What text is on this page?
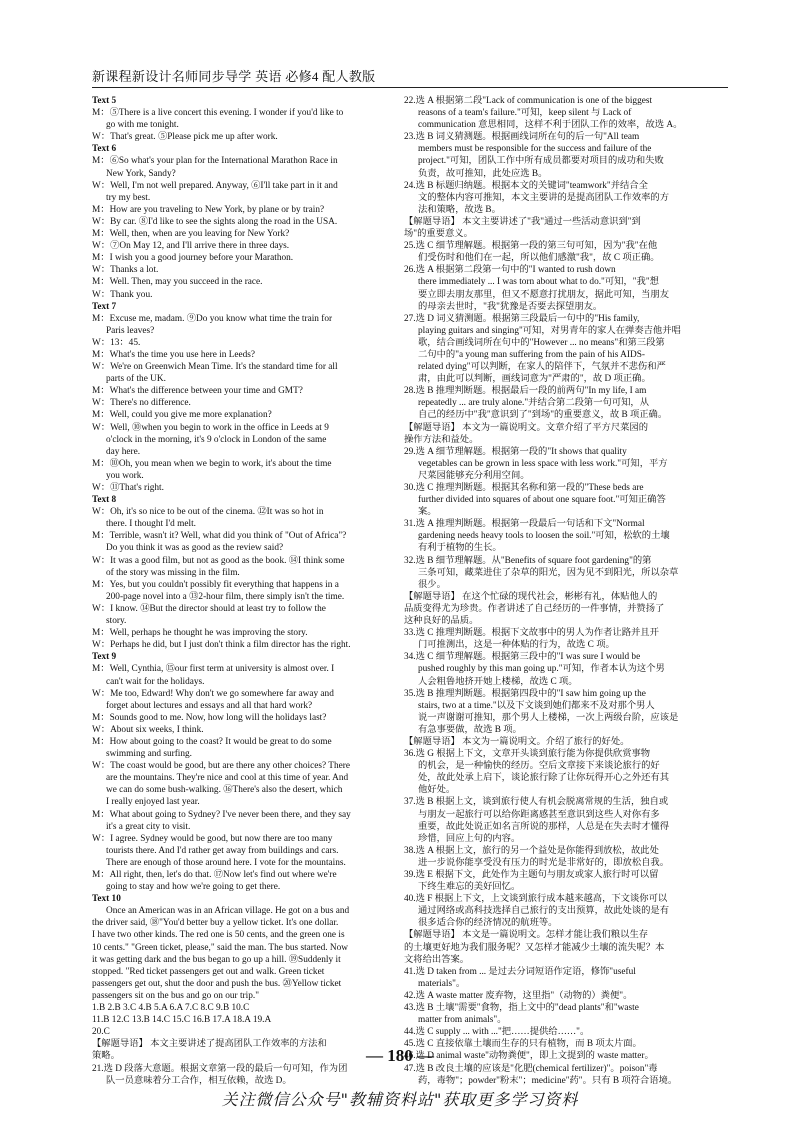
新课程新设计名师同步导学 英语 必修4 配人教版
Text 5
M：⑤There is a live concert this evening. I wonder if you'd like to
go with me tonight.
W：That's great. ⑤Please pick me up after work.
Text 6
M：⑥So what's your plan for the International Marathon Race in
New York, Sandy?
W：Well, I'm not well prepared. Anyway, ⑥I'll take part in it and
try my best.
M：How are you traveling to New York, by plane or by train?
W：By car. ⑧I'd like to see the sights along the road in the USA.
M：Well, then, when are you leaving for New York?
W：⑦On May 12, and I'll arrive there in three days.
M：I wish you a good journey before your Marathon.
W：Thanks a lot.
M：Well. Then, may you succeed in the race.
W：Thank you.
Text 7
M：Excuse me, madam. ⑨Do you know what time the train for
Paris leaves?
W：13：45.
M：What's the time you use here in Leeds?
W：We're on Greenwich Mean Time. It's the standard time for all
parts of the UK.
M：What's the difference between your time and GMT?
W：There's no difference.
M：Well, could you give me more explanation?
W：Well, ⑩when you begin to work in the office in Leeds at 9
o'clock in the morning, it's 9 o'clock in London of the same
day here.
M：⑩Oh, you mean when we begin to work, it's about the time
you work.
W：⑪That's right.
Text 8
W：Oh, it's so nice to be out of the cinema. ⑫It was so hot in
there. I thought I'd melt.
M：Terrible, wasn't it? Well, what did you think of "Out of Africa"?
Do you think it was as good as the review said?
W：It was a good film, but not as good as the book. ⑭I think some
of the story was missing in the film.
M：Yes, but you couldn't possibly fit everything that happens in a
200-page novel into a ⑬2-hour film, there simply isn't the time.
W：I know. ⑭But the director should at least try to follow the
story.
M：Well, perhaps he thought he was improving the story.
W：Perhaps he did, but I just don't think a film director has the right.
Text 9
M：Well, Cynthia, ⑮our first term at university is almost over. I
can't wait for the holidays.
W：Me too, Edward! Why don't we go somewhere far away and
forget about lectures and essays and all that hard work?
M：Sounds good to me. Now, how long will the holidays last?
W：About six weeks, I think.
M：How about going to the coast? It would be great to do some
swimming and surfing.
W：The coast would be good, but are there any other choices? There
are the mountains. They're nice and cool at this time of year. And
we can do some bush-walking. ⑯There's also the desert, which
I really enjoyed last year.
M：What about going to Sydney? I've never been there, and they say
it's a great city to visit.
W：I agree. Sydney would be good, but now there are too many
tourists there. And I'd rather get away from buildings and cars.
There are enough of those around here. I vote for the mountains.
M：All right, then, let's do that. ⑰Now let's find out where we're
going to stay and how we're going to get there.
Text 10
Once an American was in an African village. He got on a bus and
the driver said, ⑱"You'd better buy a yellow ticket. It's one dollar.
I have two other kinds. The red one is 50 cents, and the green one is
10 cents." "Green ticket, please," said the man. The bus started. Now
it was getting dark and the bus began to go up a hill. ⑲Suddenly it
stopped. "Red ticket passengers get out and walk. Green ticket
passengers get out, shut the door and push the bus. ⑳Yellow ticket
passengers sit on the bus and go on our trip."
1.B 2.B 3.C 4.B 5.A 6.A 7.C 8.C 9.B 10.C
11.B 12.C 13.B 14.C 15.C 16.B 17.A 18.A 19.A
20.C
【解题导语】 本文主要讲述了提高团队工作效率的方法和
策略。
21.选 D 段落大意题。根据文章第一段的最后一句可知，作为团
队一员意味着分工合作，相互依赖，故选 D。
22.选 A 根据第二段"Lack of communication is one of the biggest
reasons of a team's failure."可知，keep silent 与 Lack of
communication 意思相同，这样不利于团队工作的效率，故选 A。
23.选 B 词义猜测题。根据画线词所在句的后一句"All team
members must be responsible for the success and failure of the
project."可知，团队工作中所有成员都要对项目的成功和失败
负责，故可推知，此处应选 B。
24.选 B 标题归纳题。根据本文的关键词"teamwork"并结合全
文的整体内容可推知，本文主要讲的是提高团队工作效率的方
法和策略，故选 B。
【解题导语】 本文主要讲述了"我"通过一些活动意识到"到
场"的重要意义。
25.选 C 细节理解题。根据第一段的第三句可知，因为"我"在他
们受伤时和他们在一起，所以他们感激"我"，故 C 项正确。
26.选 A 根据第二段第一句中的"I wanted to rush down
there immediately ... I was torn about what to do."可知，"我"想
要立即去朋友那里，但又不愿意打扰朋友，据此可知，当朋友
的母亲去世时，"我"犹豫是否要去探望朋友。
27.选 D 词义猜测题。根据第三段最后一句中的"His family,
playing guitars and singing"可知，对男青年的家人在弹奏吉他并唱
歌，结合画线词所在句中的"However ... no means"和第三段第
二句中的"a young man suffering from the pain of his AIDS-
related dying"可以判断，在家人的陪伴下，气氛并不悲伤和严
肃，由此可以判断，画线词意为"严肃的"，故 D 项正确。
28.选 B 推理判断题。根据最后一段的前两句"In my life, I am
repeatedly ... are truly alone."并结合第二段第一句可知，从
自己的经历中"我"意识到了"到场"的重要意义，故 B 项正确。
【解题导语】 本文为一篇说明文。文章介绍了平方尺菜园的
操作方法和益处。
29.选 A 细节理解题。根据第一段的"It shows that quality
vegetables can be grown in less space with less work."可知，平方
尺菜园能够充分利用空间。
30.选 C 推理判断题。根据其名称和第一段的"These beds are
further divided into squares of about one square foot."可知正确答
案。
31.选 A 推理判断题。根据第一段最后一句话和下文"Normal
gardening needs heavy tools to loosen the soil."可知，松软的土壤
有利于植物的生长。
32.选 B 细节理解题。从"Benefits of square foot gardening"的第
三条可知，藏菜进住了杂草的阳光，因为见不到阳光，所以杂草
很少。
【解题导语】 在这个忙碌的现代社会，彬彬有礼，体贴他人的
品质变得尤为珍贵。作者讲述了自己经历的一件事情，并赞扬了
这种良好的品质。
33.选 C 推理判断题。根据下文故事中的男人为作者让路并且开
门可推测出，这是一种体贴的行为，故选 C 项。
34.选 C 细节理解题。根据第三段中的"I was sure I would be
pushed roughly by this man going up."可知，作者本认为这个男
人会粗鲁地挤开她上楼梯，故选 C 项。
35.选 B 推理判断题。根据第四段中的"I saw him going up the
stairs, two at a time."以及下文谈到她们都来不及对那个男人
说一声谢谢可推知，那个男人上楼梯，一次上两级台阶，应该是
有急事要做，故选 B 项。
【解题导语】 本文为一篇说明文。介绍了旅行的好处。
36.选 G 根据上下文，文章开头谈到旅行能为你提供欣赏事物
的机会，是一种愉快的经历。空后文章接下来谈论旅行的好
处，故此处承上启下，谈论旅行除了让你玩得开心之外还有其
他好处。
37.选 B 根据上文，谈到旅行使人有机会脱离常规的生活，独自或
与朋友一起旅行可以给你距离感甚至意识到这些人对你有多
重要，故此处说正如名言所说的那样，人总是在失去时才懂得
珍惜，回应上句的内容。
38.选 A 根据上文，旅行的另一个益处是你能得到放松，故此处
进一步说你能享受没有压力的时光是非常好的，即放松自我。
39.选 E 根据下文，此处作为主题句与朋友或家人旅行时可以留
下终生难忘的美好回忆。
40.选 F 根据上下文，上文谈到旅行成本越来越高，下文谈你可以
通过网络或高科技选择自己旅行的支出预算，故此处谈的是有
很多适合你的经济情况的航班等。
【解题导语】 本文是一篇说明文。怎样才能让我们粮以生存
的土壤更好地为我们服务呢？又怎样才能减少土壤的流失呢？本
文将给出答案。
41.选 D taken from ... 是过去分词短语作定语，修饰"useful
materials"。
42.选 A waste matter 废弃物，这里指"（动物的）粪便"。
43.选 B 土壤"需要"食物，指上文中的"dead plants"和"waste
matter from animals"。
44.选 C supply ... with ..."把……提供给……"。
45.选 C 直接依靠土壤而生存的只有植物，而 B 项太片面。
46.选 D animal waste"动物粪便"，即上文提到的 waste matter。
47.选 B 改良土壤的应该是"化肥(chemical fertilizer)"。poison"毒
药，毒物"；powder"粉末"；medicine"药"。只有 B 项符合语境。
— 180 —
关注微信公众号"教辅资料站"获取更多学习资料
